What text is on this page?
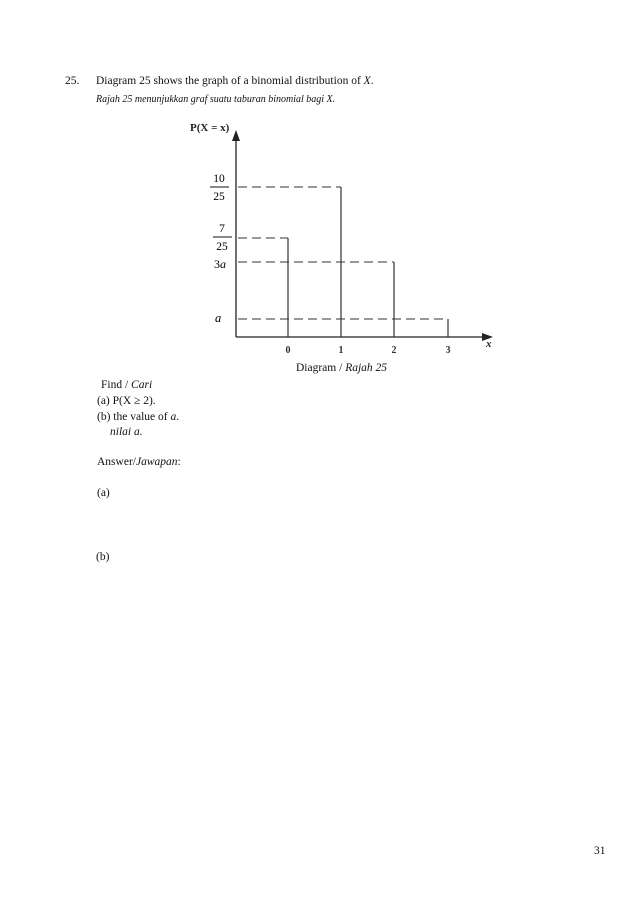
25. Diagram 25 shows the graph of a binomial distribution of X.
Rajah 25 menunjukkan graf suatu taburan binomial bagi X.
P(X = x)
x
0	1	2	3
10
25
7
25
3a
a
Diagram / Rajah 25
Find / Cari
(a) P(X ≥ 2).
(b) the value of a.
nilai a.
Answer/Jawapan:
(a)
(b)
31
